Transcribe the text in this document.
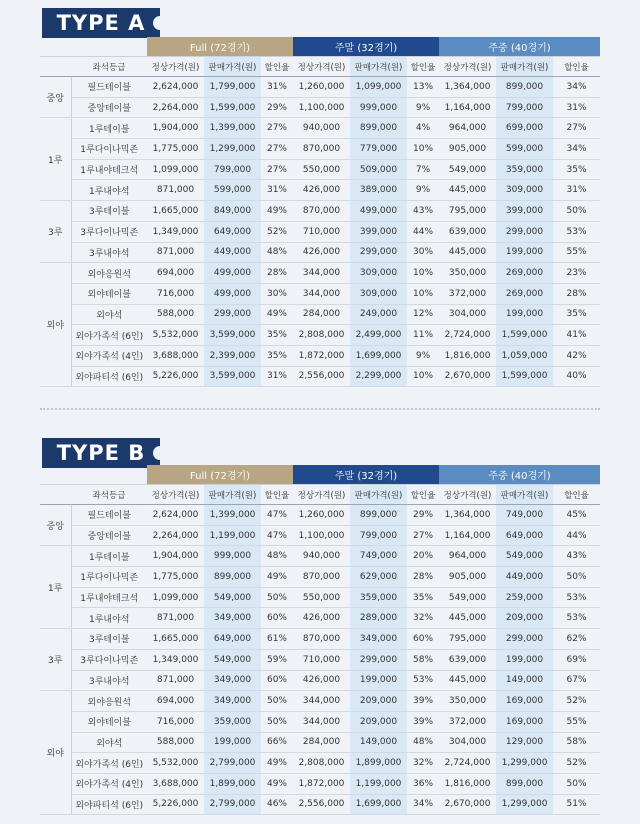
TYPE A
		Full (72경기)			주말 (32경기)			주중 (40경기)		
	좌석등급	정상가격(원)	판매가격(원)	할인율	정상가격(원)	판매가격(원)	할인율	정상가격(원)	판매가격(원)	할인율
중앙	필드테이블	2,624,000	1,799,000	31%	1,260,000	1,099,000	13%	1,364,000	899,000	34%
	중앙테이블	2,264,000	1,599,000	29%	1,100,000	999,000	9%	1,164,000	799,000	31%
1루	1루테이블	1,904,000	1,399,000	27%	940,000	899,000	4%	964,000	699,000	27%
	1루다이나믹존	1,775,000	1,299,000	27%	870,000	779,000	10%	905,000	599,000	34%
	1루내야테크석	1,099,000	799,000	27%	550,000	509,000	7%	549,000	359,000	35%
	1루내야석	871,000	599,000	31%	426,000	389,000	9%	445,000	309,000	31%
3루	3루테이블	1,665,000	849,000	49%	870,000	499,000	43%	795,000	399,000	50%
	3루다이나믹존	1,349,000	649,000	52%	710,000	399,000	44%	639,000	299,000	53%
	3루내야석	871,000	449,000	48%	426,000	299,000	30%	445,000	199,000	55%
외야	외야응원석	694,000	499,000	28%	344,000	309,000	10%	350,000	269,000	23%
	외야테이블	716,000	499,000	30%	344,000	309,000	10%	372,000	269,000	28%
	외야석	588,000	299,000	49%	284,000	249,000	12%	304,000	199,000	35%
	외야가족석 (6인)	5,532,000	3,599,000	35%	2,808,000	2,499,000	11%	2,724,000	1,599,000	41%
	외야가족석 (4인)	3,688,000	2,399,000	35%	1,872,000	1,699,000	9%	1,816,000	1,059,000	42%
	외야파티석 (6인)	5,226,000	3,599,000	31%	2,556,000	2,299,000	10%	2,670,000	1,599,000	40%
TYPE B
		Full (72경기)			주말 (32경기)			주중 (40경기)		
	좌석등급	정상가격(원)	판매가격(원)	할인율	정상가격(원)	판매가격(원)	할인율	정상가격(원)	판매가격(원)	할인율
중앙	필드테이블	2,624,000	1,399,000	47%	1,260,000	899,000	29%	1,364,000	749,000	45%
	중앙테이블	2,264,000	1,199,000	47%	1,100,000	799,000	27%	1,164,000	649,000	44%
1루	1루테이블	1,904,000	999,000	48%	940,000	749,000	20%	964,000	549,000	43%
	1루다이나믹존	1,775,000	899,000	49%	870,000	629,000	28%	905,000	449,000	50%
	1루내야테크석	1,099,000	549,000	50%	550,000	359,000	35%	549,000	259,000	53%
	1루내야석	871,000	349,000	60%	426,000	289,000	32%	445,000	209,000	53%
3루	3루테이블	1,665,000	649,000	61%	870,000	349,000	60%	795,000	299,000	62%
	3루다이나믹존	1,349,000	549,000	59%	710,000	299,000	58%	639,000	199,000	69%
	3루내야석	871,000	349,000	60%	426,000	199,000	53%	445,000	149,000	67%
외야	외야응원석	694,000	349,000	50%	344,000	209,000	39%	350,000	169,000	52%
	외야테이블	716,000	359,000	50%	344,000	209,000	39%	372,000	169,000	55%
	외야석	588,000	199,000	66%	284,000	149,000	48%	304,000	129,000	58%
	외야가족석 (6인)	5,532,000	2,799,000	49%	2,808,000	1,899,000	32%	2,724,000	1,299,000	52%
	외야가족석 (4인)	3,688,000	1,899,000	49%	1,872,000	1,199,000	36%	1,816,000	899,000	50%
	외야파티석 (6인)	5,226,000	2,799,000	46%	2,556,000	1,699,000	34%	2,670,000	1,299,000	51%
